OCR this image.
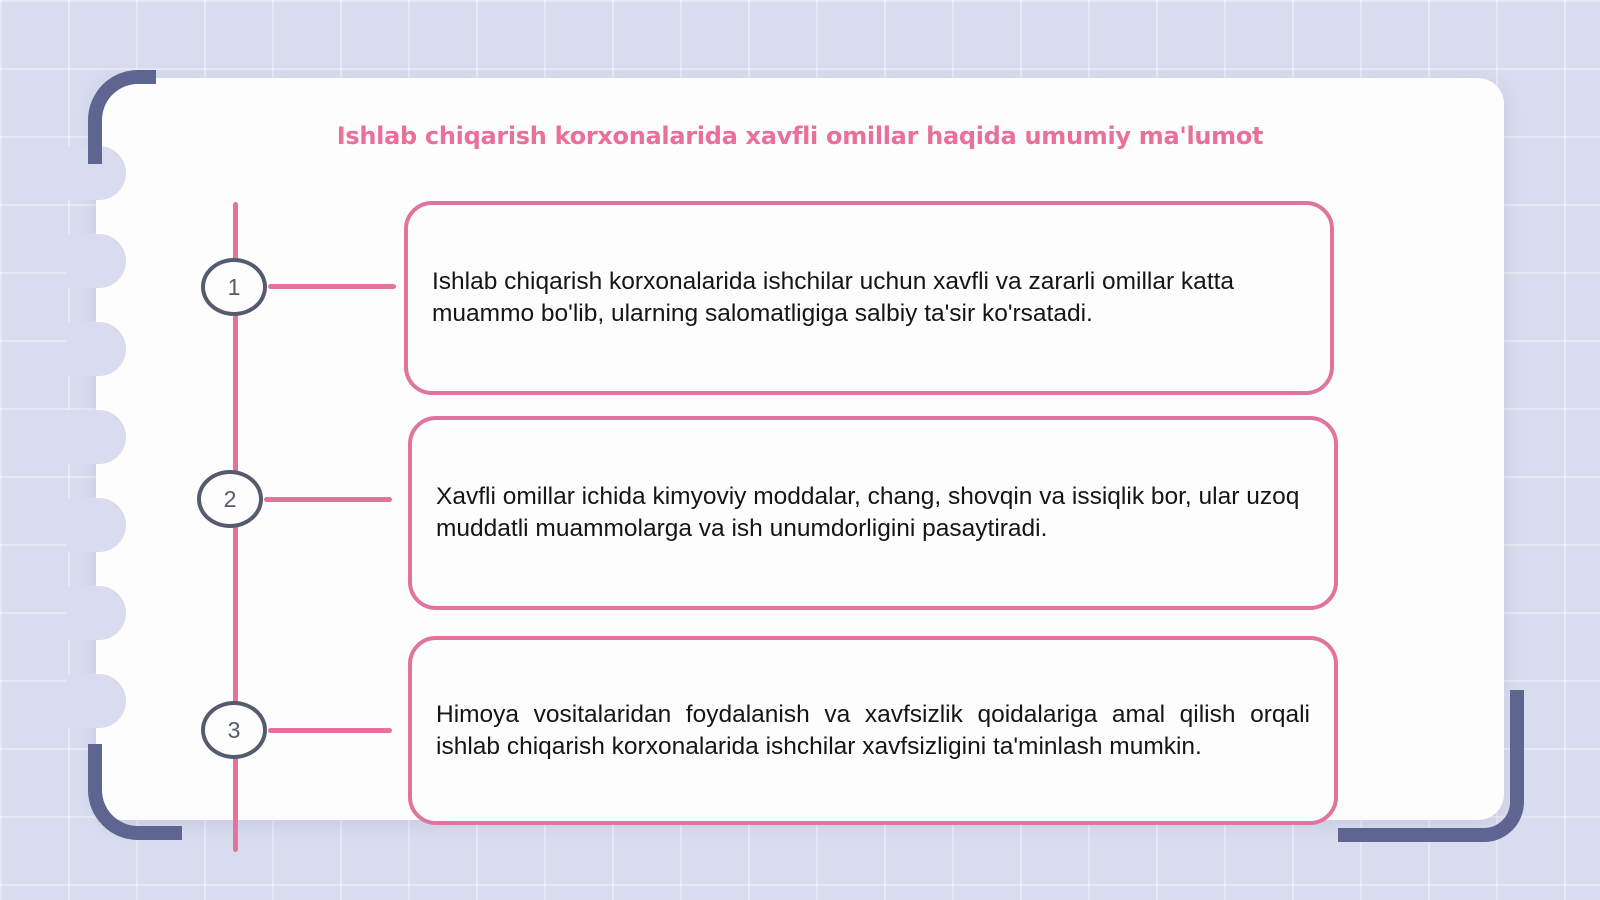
Ishlab chiqarish korxonalarida xavfli omillar haqida umumiy ma'lumot
1	Ishlab chiqarish korxonalarida ishchilar uchun xavfli va zararli omillar katta muammo bo'lib, ularning salomatligiga salbiy ta'sir ko'rsatadi.
2	Xavfli omillar ichida kimyoviy moddalar, chang, shovqin va issiqlik bor, ular uzoq muddatli muammolarga va ish unumdorligini pasaytiradi.
3
Himoya vositalaridan foydalanish va xavfsizlik qoidalariga amal qilish orqali ishlab chiqarish korxonalarida ishchilar xavfsizligini ta'minlash mumkin.
